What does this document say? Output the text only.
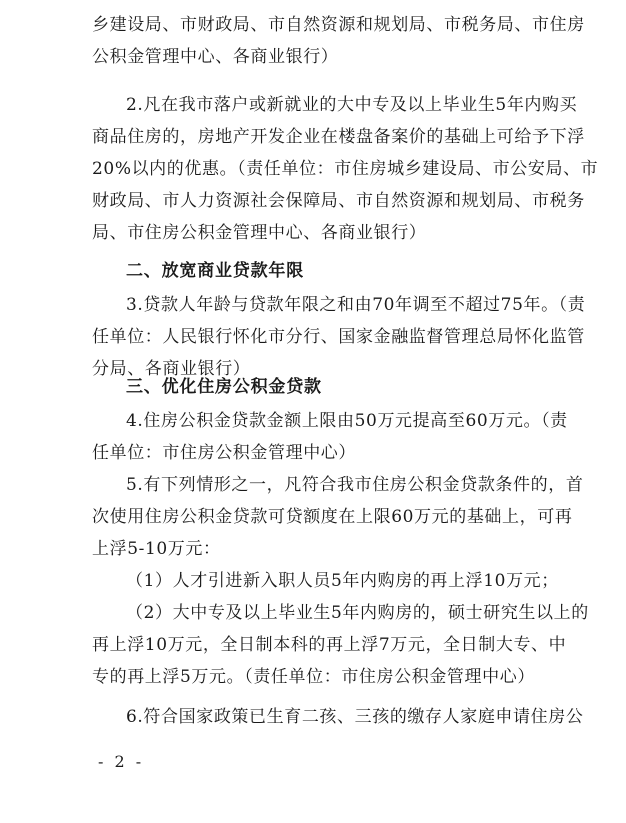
乡建设局、市财政局、市自然资源和规划局、市税务局、市住房
公积金管理中心、各商业银行）
2.凡在我市落户或新就业的大中专及以上毕业生5年内购买
商品住房的，房地产开发企业在楼盘备案价的基础上可给予下浮
20%以内的优惠。（责任单位：市住房城乡建设局、市公安局、市
财政局、市人力资源社会保障局、市自然资源和规划局、市税务
局、市住房公积金管理中心、各商业银行）
二、放宽商业贷款年限
3.贷款人年龄与贷款年限之和由70年调至不超过75年。（责
任单位：人民银行怀化市分行、国家金融监督管理总局怀化监管
分局、各商业银行）
三、优化住房公积金贷款
4.住房公积金贷款金额上限由50万元提高至60万元。（责
任单位：市住房公积金管理中心）
5.有下列情形之一，凡符合我市住房公积金贷款条件的，首
次使用住房公积金贷款可贷额度在上限60万元的基础上，可再
上浮5-10万元：
（1）人才引进新入职人员5年内购房的再上浮10万元；
（2）大中专及以上毕业生5年内购房的，硕士研究生以上的
再上浮10万元，全日制本科的再上浮7万元，全日制大专、中
专的再上浮5万元。（责任单位：市住房公积金管理中心）
6.符合国家政策已生育二孩、三孩的缴存人家庭申请住房公
- 2 -
